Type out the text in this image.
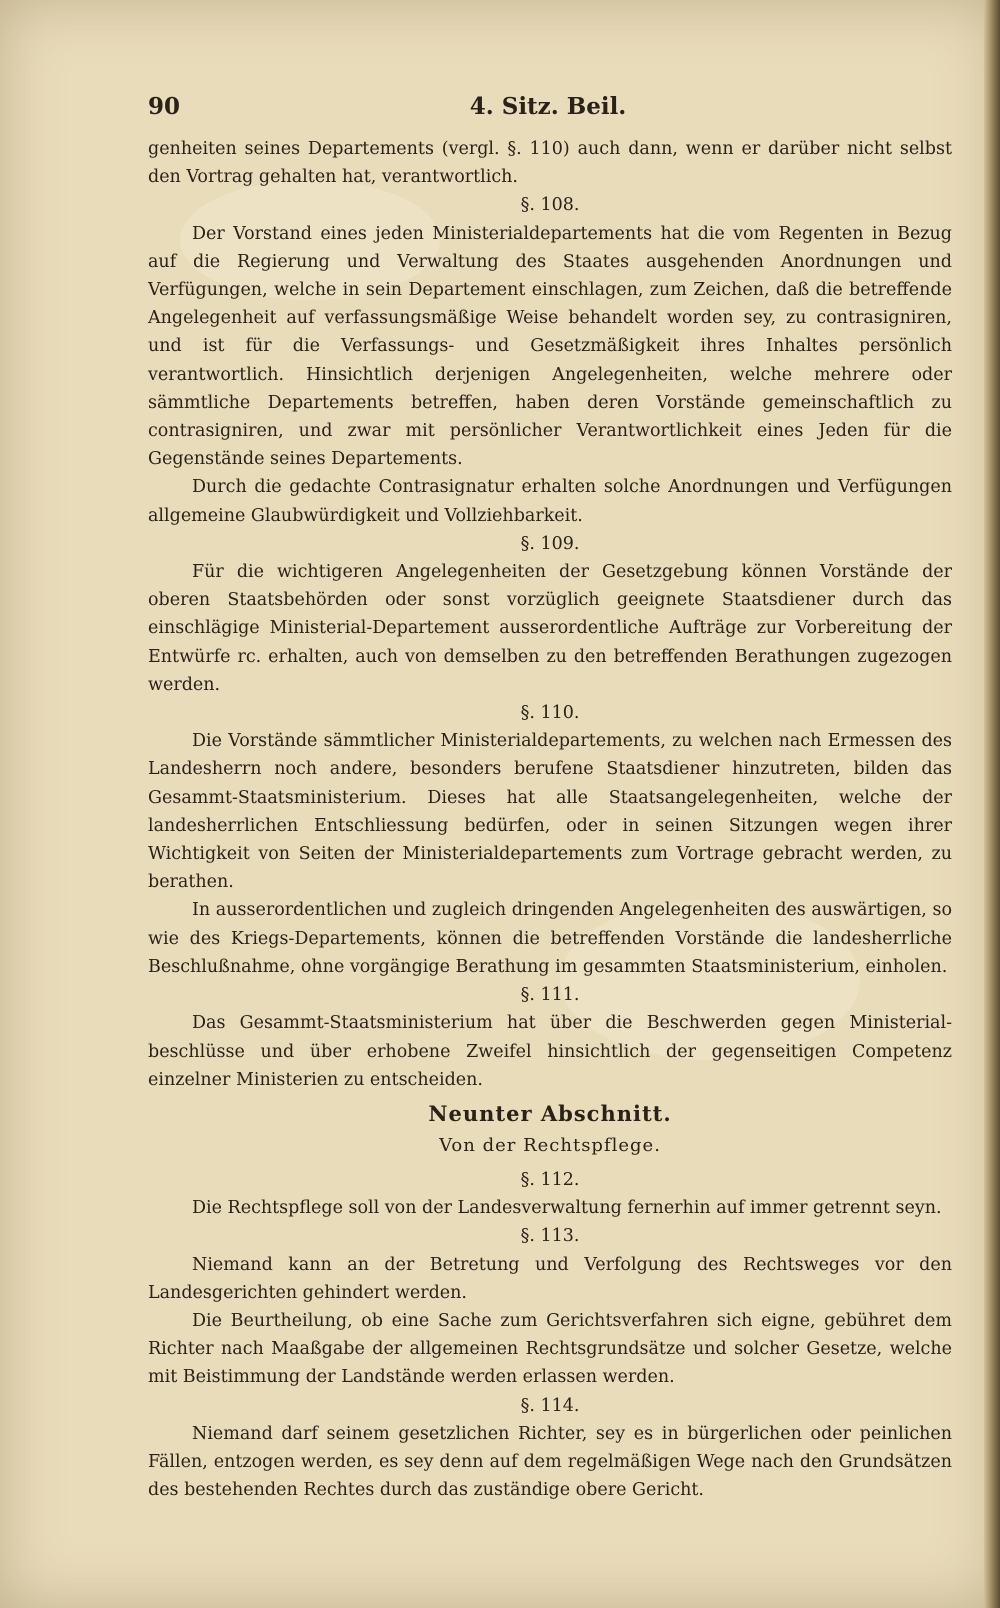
90	4. Sitz. Beil.

genheiten seines Departements (vergl. §. 110) auch dann, wenn er darüber nicht selbst den Vortrag gehalten hat, verantwortlich.

§. 108.

Der Vorstand eines jeden Ministerialdepartements hat die vom Regenten in Bezug auf die Regierung und Verwaltung des Staates ausgehenden Anordnungen und Verfügungen, welche in sein Departement einschlagen, zum Zeichen, daß die betreffende Angelegenheit auf verfassungsmäßige Weise behandelt worden sey, zu contrasigniren, und ist für die Verfassungs- und Gesetzmäßigkeit ihres Inhaltes persönlich verantwortlich. Hinsichtlich derjenigen Angelegenheiten, welche mehrere oder sämmtliche Departements betreffen, haben deren Vorstände gemeinschaftlich zu contrasigniren, und zwar mit persönlicher Verantwortlichkeit eines Jeden für die Gegenstände seines Departements.

Durch die gedachte Contrasignatur erhalten solche Anordnungen und Verfügungen allgemeine Glaubwürdigkeit und Vollziehbarkeit.

§. 109.

Für die wichtigeren Angelegenheiten der Gesetzgebung können Vorstände der oberen Staatsbehörden oder sonst vorzüglich geeignete Staatsdiener durch das einschlägige Ministerial-Departement ausserordentliche Aufträge zur Vorbereitung der Entwürfe rc. erhalten, auch von demselben zu den betreffenden Berathungen zugezogen werden.

§. 110.

Die Vorstände sämmtlicher Ministerialdepartements, zu welchen nach Ermessen des Landesherrn noch andere, besonders berufene Staatsdiener hinzutreten, bilden das Gesammt-Staatsministerium. Dieses hat alle Staatsangelegenheiten, welche der landesherrlichen Entschliessung bedürfen, oder in seinen Sitzungen wegen ihrer Wichtigkeit von Seiten der Ministerialdepartements zum Vortrage gebracht werden, zu berathen.

In ausserordentlichen und zugleich dringenden Angelegenheiten des auswärtigen, so wie des Kriegs-Departements, können die betreffenden Vorstände die landesherrliche Beschlußnahme, ohne vorgängige Berathung im gesammten Staatsministerium, einholen.

§. 111.

Das Gesammt-Staatsministerium hat über die Beschwerden gegen Ministerial-beschlüsse und über erhobene Zweifel hinsichtlich der gegenseitigen Competenz einzelner Ministerien zu entscheiden.

Neunter Abschnitt.

Von der Rechtspflege.

§. 112.

Die Rechtspflege soll von der Landesverwaltung fernerhin auf immer getrennt seyn.

§. 113.

Niemand kann an der Betretung und Verfolgung des Rechtsweges vor den Landesgerichten gehindert werden.

Die Beurtheilung, ob eine Sache zum Gerichtsverfahren sich eigne, gebühret dem Richter nach Maaßgabe der allgemeinen Rechtsgrundsätze und solcher Gesetze, welche mit Beistimmung der Landstände werden erlassen werden.

§. 114.

Niemand darf seinem gesetzlichen Richter, sey es in bürgerlichen oder peinlichen Fällen, entzogen werden, es sey denn auf dem regelmäßigen Wege nach den Grundsätzen des bestehenden Rechtes durch das zuständige obere Gericht.
